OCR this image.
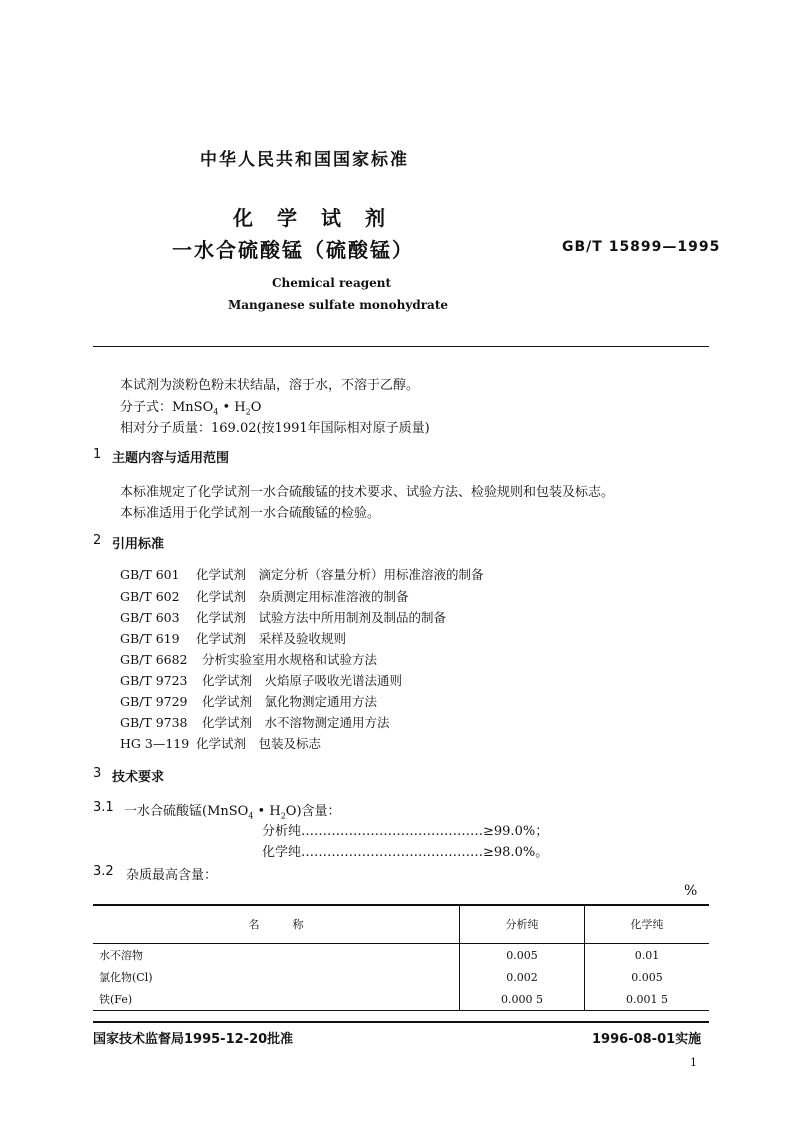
中华人民共和国国家标准
化　学　试　剂
一水合硫酸锰（硫酸锰）	GB/T 15899—1995
Chemical reagent
Manganese sulfate monohydrate
本试剂为淡粉色粉末状结晶，溶于水，不溶于乙醇。
分子式：MnSO$_4$ • $H_2O$
相对分子质量：169.02(按1991年国际相对原子质量)
1 主题内容与适用范围
本标准规定了化学试剂一水合硫酸锰的技术要求、试验方法、检验规则和包装及标志。
本标准适用于化学试剂一水合硫酸锰的检验。
2 引用标准
GB/T 601 化学试剂　滴定分析（容量分析）用标准溶液的制备
GB/T 602 化学试剂　杂质测定用标准溶液的制备
GB/T 603 化学试剂　试验方法中所用制剂及制品的制备
GB/T 619 化学试剂　采样及验收规则
GB/T 6682 分析实验室用水规格和试验方法
GB/T 9723 化学试剂　火焰原子吸收光谱法通则
GB/T 9729 化学试剂　氯化物测定通用方法
GB/T 9738 化学试剂　水不溶物测定通用方法
HG 3—119 化学试剂　包装及标志
3 技术要求
3.1 一水合硫酸锰(MnSO$_4$ • $H_2O$)含量：
分析纯……………………………………≥99.0%；
化学纯……………………………………≥98.0%。
3.2 杂质最高含量：
%
名　　　称	分析纯	化学纯
水不溶物	0.005	0.01
氯化物(Cl)	0.002	0.005
铁(Fe)	0.000 5	0.001 5
国家技术监督局1995-12-20批准	1996-08-01实施
1
